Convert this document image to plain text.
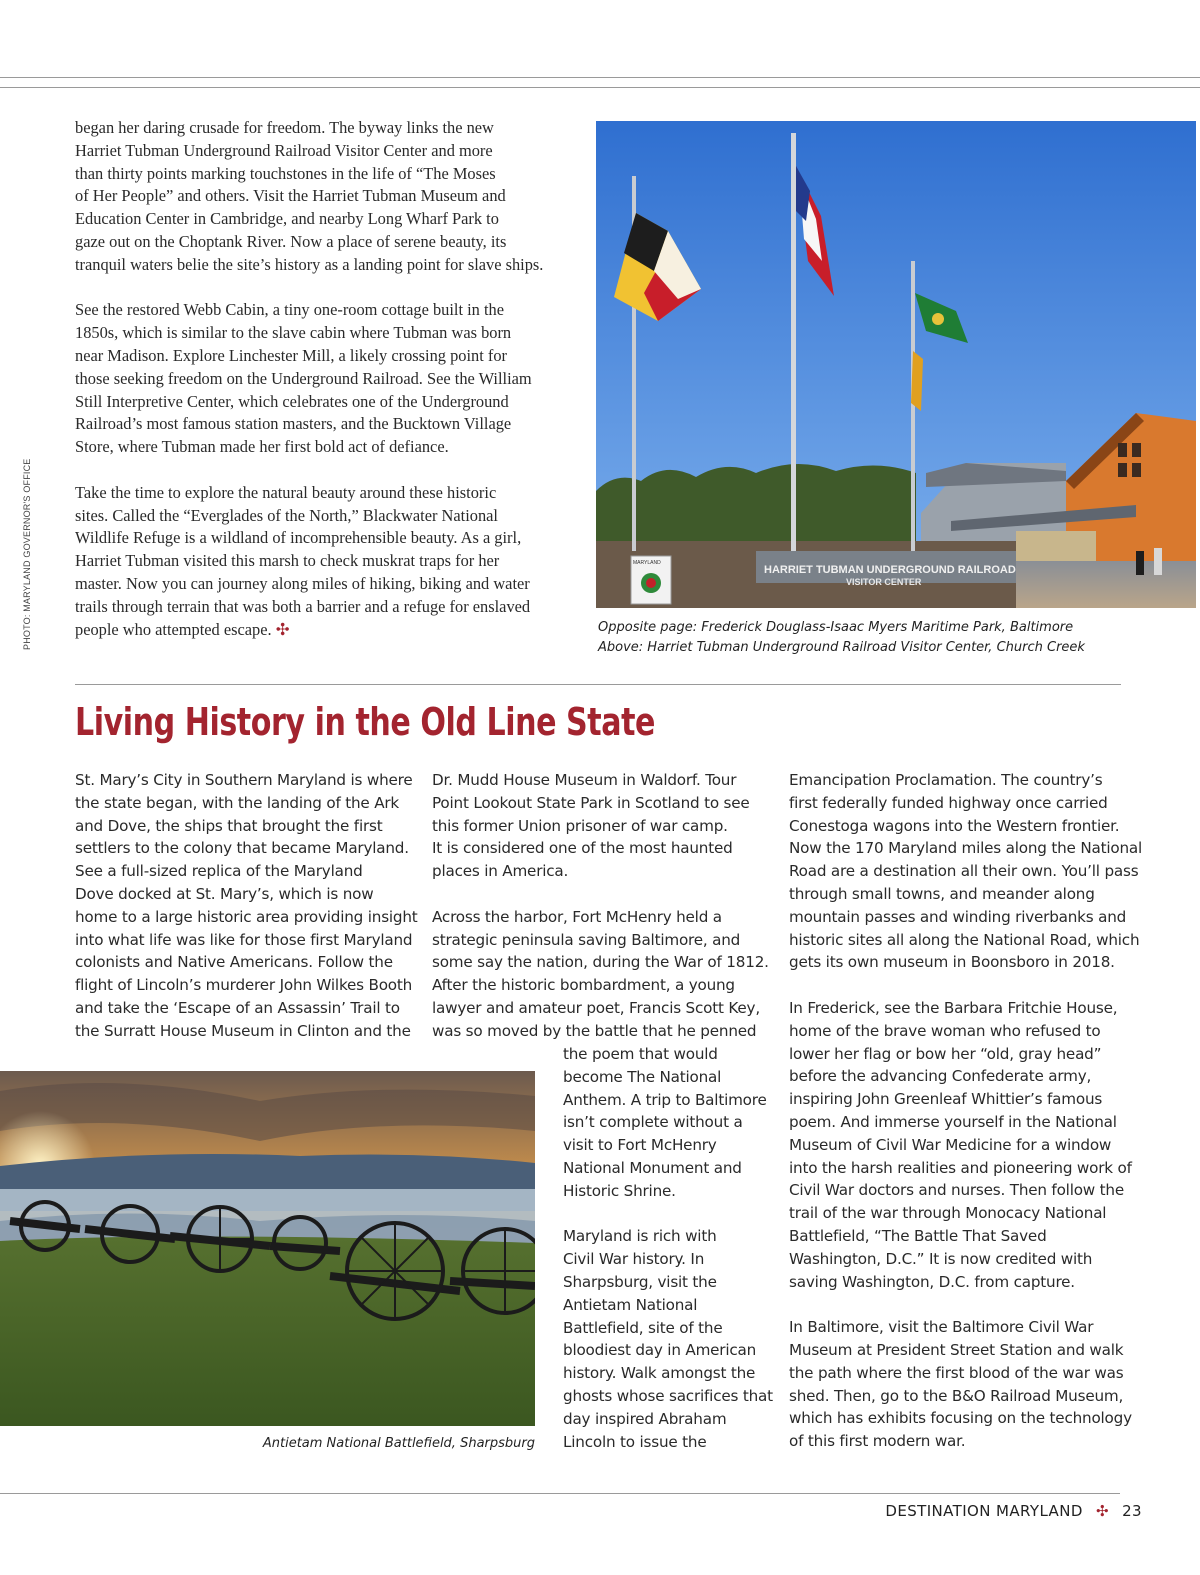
PHOTO: MARYLAND GOVERNOR'S OFFICE

began her daring crusade for freedom. The byway links the new
Harriet Tubman Underground Railroad Visitor Center and more
than thirty points marking touchstones in the life of “The Moses
of Her People” and others. Visit the Harriet Tubman Museum and
Education Center in Cambridge, and nearby Long Wharf Park to
gaze out on the Choptank River. Now a place of serene beauty, its
tranquil waters belie the site’s history as a landing point for slave ships.

See the restored Webb Cabin, a tiny one-room cottage built in the
1850s, which is similar to the slave cabin where Tubman was born
near Madison. Explore Linchester Mill, a likely crossing point for
those seeking freedom on the Underground Railroad. See the William
Still Interpretive Center, which celebrates one of the Underground
Railroad’s most famous station masters, and the Bucktown Village
Store, where Tubman made her first bold act of defiance.

Take the time to explore the natural beauty around these historic
sites. Called the “Everglades of the North,” Blackwater National
Wildlife Refuge is a wildland of incomprehensible beauty. As a girl,
Harriet Tubman visited this marsh to check muskrat traps for her
master. Now you can journey along miles of hiking, biking and water
trails through terrain that was both a barrier and a refuge for enslaved
people who attempted escape. ✣

HARRIET TUBMAN UNDERGROUND RAILROAD
VISITOR CENTER
MARYLAND
Opposite page: Frederick Douglass-Isaac Myers Maritime Park, Baltimore
Above: Harriet Tubman Underground Railroad Visitor Center, Church Creek
Living History in the Old Line State

St. Mary’s City in Southern Maryland is where
the state began, with the landing of the Ark
and Dove, the ships that brought the first
settlers to the colony that became Maryland.
See a full-sized replica of the Maryland
Dove docked at St. Mary’s, which is now
home to a large historic area providing insight
into what life was like for those first Maryland
colonists and Native Americans. Follow the
flight of Lincoln’s murderer John Wilkes Booth
and take the ‘Escape of an Assassin’ Trail to
the Surratt House Museum in Clinton and the

Dr. Mudd House Museum in Waldorf. Tour
Point Lookout State Park in Scotland to see
this former Union prisoner of war camp.
It is considered one of the most haunted
places in America.

Across the harbor, Fort McHenry held a
strategic peninsula saving Baltimore, and
some say the nation, during the War of 1812.
After the historic bombardment, a young
lawyer and amateur poet, Francis Scott Key,
was so moved by the battle that he penned

the poem that would
become The National
Anthem. A trip to Baltimore
isn’t complete without a
visit to Fort McHenry
National Monument and
Historic Shrine.

Maryland is rich with
Civil War history. In
Sharpsburg, visit the
Antietam National
Battlefield, site of the
bloodiest day in American
history. Walk amongst the
ghosts whose sacrifices that
day inspired Abraham
Lincoln to issue the

Emancipation Proclamation. The country’s
first federally funded highway once carried
Conestoga wagons into the Western frontier.
Now the 170 Maryland miles along the National
Road are a destination all their own. You’ll pass
through small towns, and meander along
mountain passes and winding riverbanks and
historic sites all along the National Road, which
gets its own museum in Boonsboro in 2018.

In Frederick, see the Barbara Fritchie House,
home of the brave woman who refused to
lower her flag or bow her “old, gray head”
before the advancing Confederate army,
inspiring John Greenleaf Whittier’s famous
poem. And immerse yourself in the National
Museum of Civil War Medicine for a window
into the harsh realities and pioneering work of
Civil War doctors and nurses. Then follow the
trail of the war through Monocacy National
Battlefield, “The Battle That Saved
Washington, D.C.” It is now credited with
saving Washington, D.C. from capture.

In Baltimore, visit the Baltimore Civil War
Museum at President Street Station and walk
the path where the first blood of the war was
shed. Then, go to the B&O Railroad Museum,
which has exhibits focusing on the technology
of this first modern war.

Antietam National Battlefield, Sharpsburg
DESTINATION MARYLAND ✣ 23
